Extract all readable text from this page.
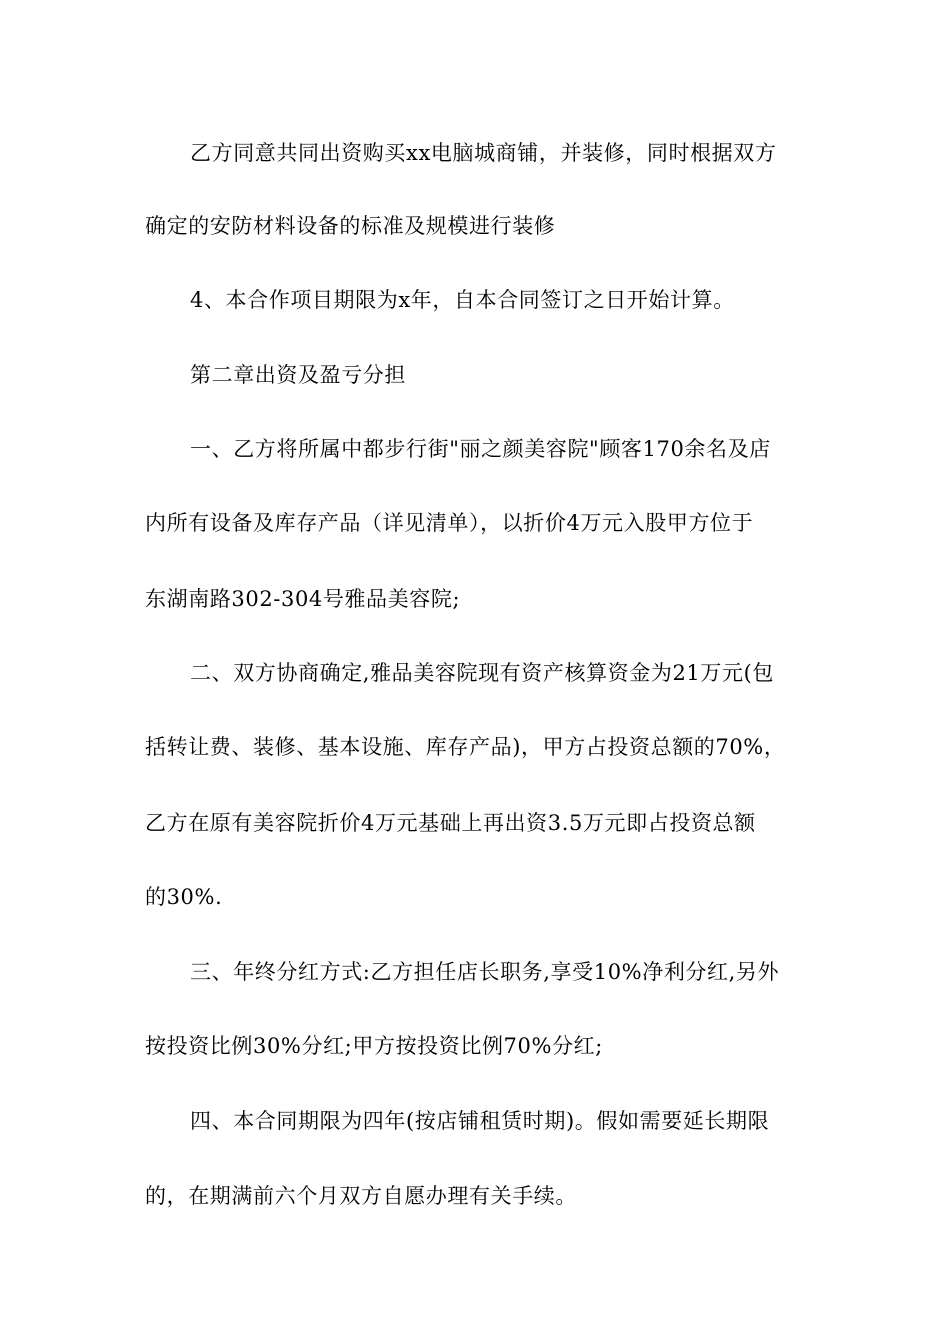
乙方同意共同出资购买xx电脑城商铺，并装修，同时根据双方
确定的安防材料设备的标准及规模进行装修
4、本合作项目期限为x年，自本合同签订之日开始计算。
第二章出资及盈亏分担
一、乙方将所属中都步行街"丽之颜美容院"顾客170余名及店
内所有设备及库存产品（详见清单），以折价4万元入股甲方位于
东湖南路302-304号雅品美容院;
二、双方协商确定,雅品美容院现有资产核算资金为21万元(包
括转让费、装修、基本设施、库存产品)，甲方占投资总额的70%，
乙方在原有美容院折价4万元基础上再出资3.5万元即占投资总额
的30%.
三、年终分红方式:乙方担任店长职务,享受10%净利分红,另外
按投资比例30%分红;甲方按投资比例70%分红;
四、本合同期限为四年(按店铺租赁时期)。假如需要延长期限
的，在期满前六个月双方自愿办理有关手续。
